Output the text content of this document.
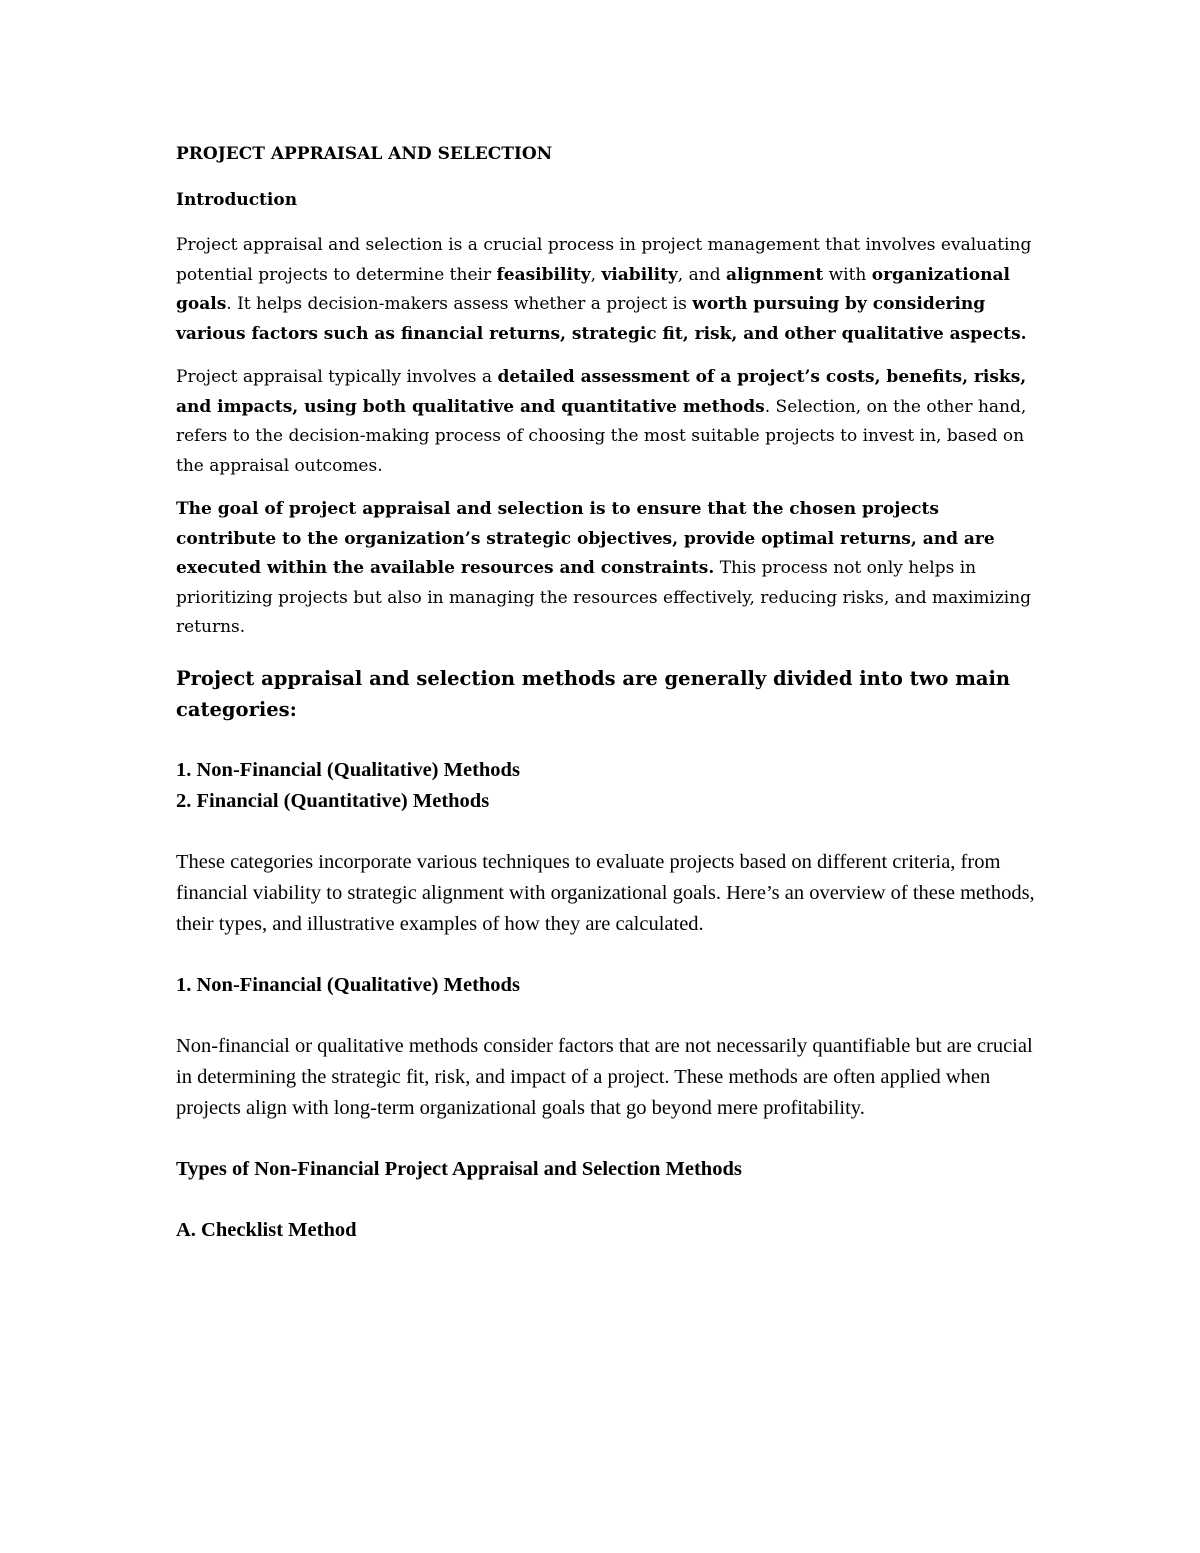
PROJECT APPRAISAL AND SELECTION

Introduction

Project appraisal and selection is a crucial process in project management that involves evaluating potential projects to determine their feasibility, viability, and alignment with organizational goals. It helps decision-makers assess whether a project is worth pursuing by considering various factors such as financial returns, strategic fit, risk, and other qualitative aspects.

Project appraisal typically involves a detailed assessment of a project’s costs, benefits, risks, and impacts, using both qualitative and quantitative methods. Selection, on the other hand, refers to the decision-making process of choosing the most suitable projects to invest in, based on the appraisal outcomes.

The goal of project appraisal and selection is to ensure that the chosen projects contribute to the organization’s strategic objectives, provide optimal returns, and are executed within the available resources and constraints. This process not only helps in prioritizing projects but also in managing the resources effectively, reducing risks, and maximizing returns.

Project appraisal and selection methods are generally divided into two main categories:

1. Non-Financial (Qualitative) Methods

2. Financial (Quantitative) Methods

These categories incorporate various techniques to evaluate projects based on different criteria, from financial viability to strategic alignment with organizational goals. Here’s an overview of these methods, their types, and illustrative examples of how they are calculated.

1. Non-Financial (Qualitative) Methods

Non-financial or qualitative methods consider factors that are not necessarily quantifiable but are crucial in determining the strategic fit, risk, and impact of a project. These methods are often applied when projects align with long-term organizational goals that go beyond mere profitability.

Types of Non-Financial Project Appraisal and Selection Methods

A. Checklist Method
